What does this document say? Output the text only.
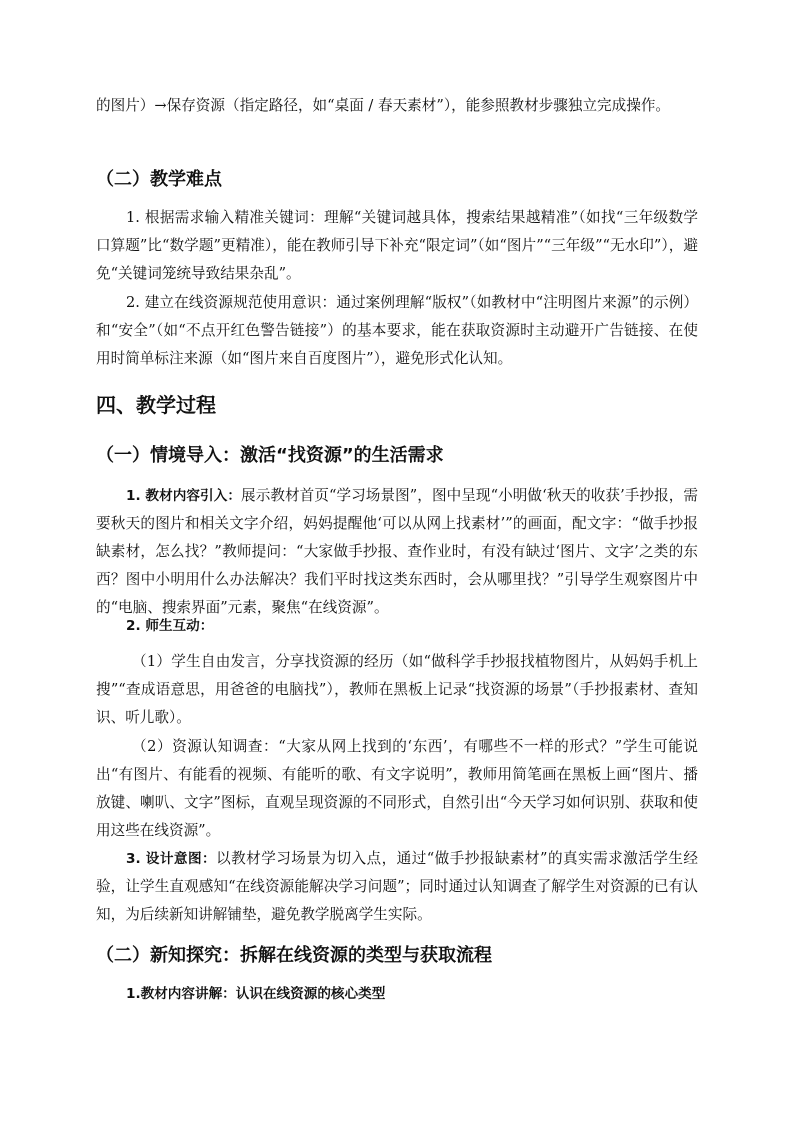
的图片）→保存资源（指定路径，如“桌面 / 春天素材”），能参照教材步骤独立完成操作。

（二）教学难点

1. 根据需求输入精准关键词：理解“关键词越具体，搜索结果越精准”（如找“三年级数学口算题”比“数学题”更精准），能在教师引导下补充“限定词”（如“图片”“三年级”“无水印”），避免“关键词笼统导致结果杂乱”。

2. 建立在线资源规范使用意识：通过案例理解“版权”（如教材中“注明图片来源”的示例）和“安全”（如“不点开红色警告链接”）的基本要求，能在获取资源时主动避开广告链接、在使用时简单标注来源（如“图片来自百度图片”），避免形式化认知。

四、教学过程
（一）情境导入：激活“找资源”的生活需求

1. 教材内容引入：展示教材首页“学习场景图”，图中呈现“小明做‘秋天的收获’手抄报，需要秋天的图片和相关文字介绍，妈妈提醒他‘可以从网上找素材’”的画面，配文字：“做手抄报缺素材，怎么找？”教师提问：“大家做手抄报、查作业时，有没有缺过‘图片、文字’之类的东西？图中小明用什么办法解决？我们平时找这类东西时，会从哪里找？”引导学生观察图片中的“电脑、搜索界面”元素，聚焦“在线资源”。

2. 师生互动：

（1）学生自由发言，分享找资源的经历（如“做科学手抄报找植物图片，从妈妈手机上搜”“查成语意思，用爸爸的电脑找”），教师在黑板上记录“找资源的场景”（手抄报素材、查知识、听儿歌）。

（2）资源认知调查：“大家从网上找到的‘东西’，有哪些不一样的形式？”学生可能说出“有图片、有能看的视频、有能听的歌、有文字说明”，教师用简笔画在黑板上画“图片、播放键、喇叭、文字”图标，直观呈现资源的不同形式，自然引出“今天学习如何识别、获取和使用这些在线资源”。

3. 设计意图：以教材学习场景为切入点，通过“做手抄报缺素材”的真实需求激活学生经验，让学生直观感知“在线资源能解决学习问题”；同时通过认知调查了解学生对资源的已有认知，为后续新知讲解铺垫，避免教学脱离学生实际。

（二）新知探究：拆解在线资源的类型与获取流程

1.教材内容讲解：认识在线资源的核心类型
